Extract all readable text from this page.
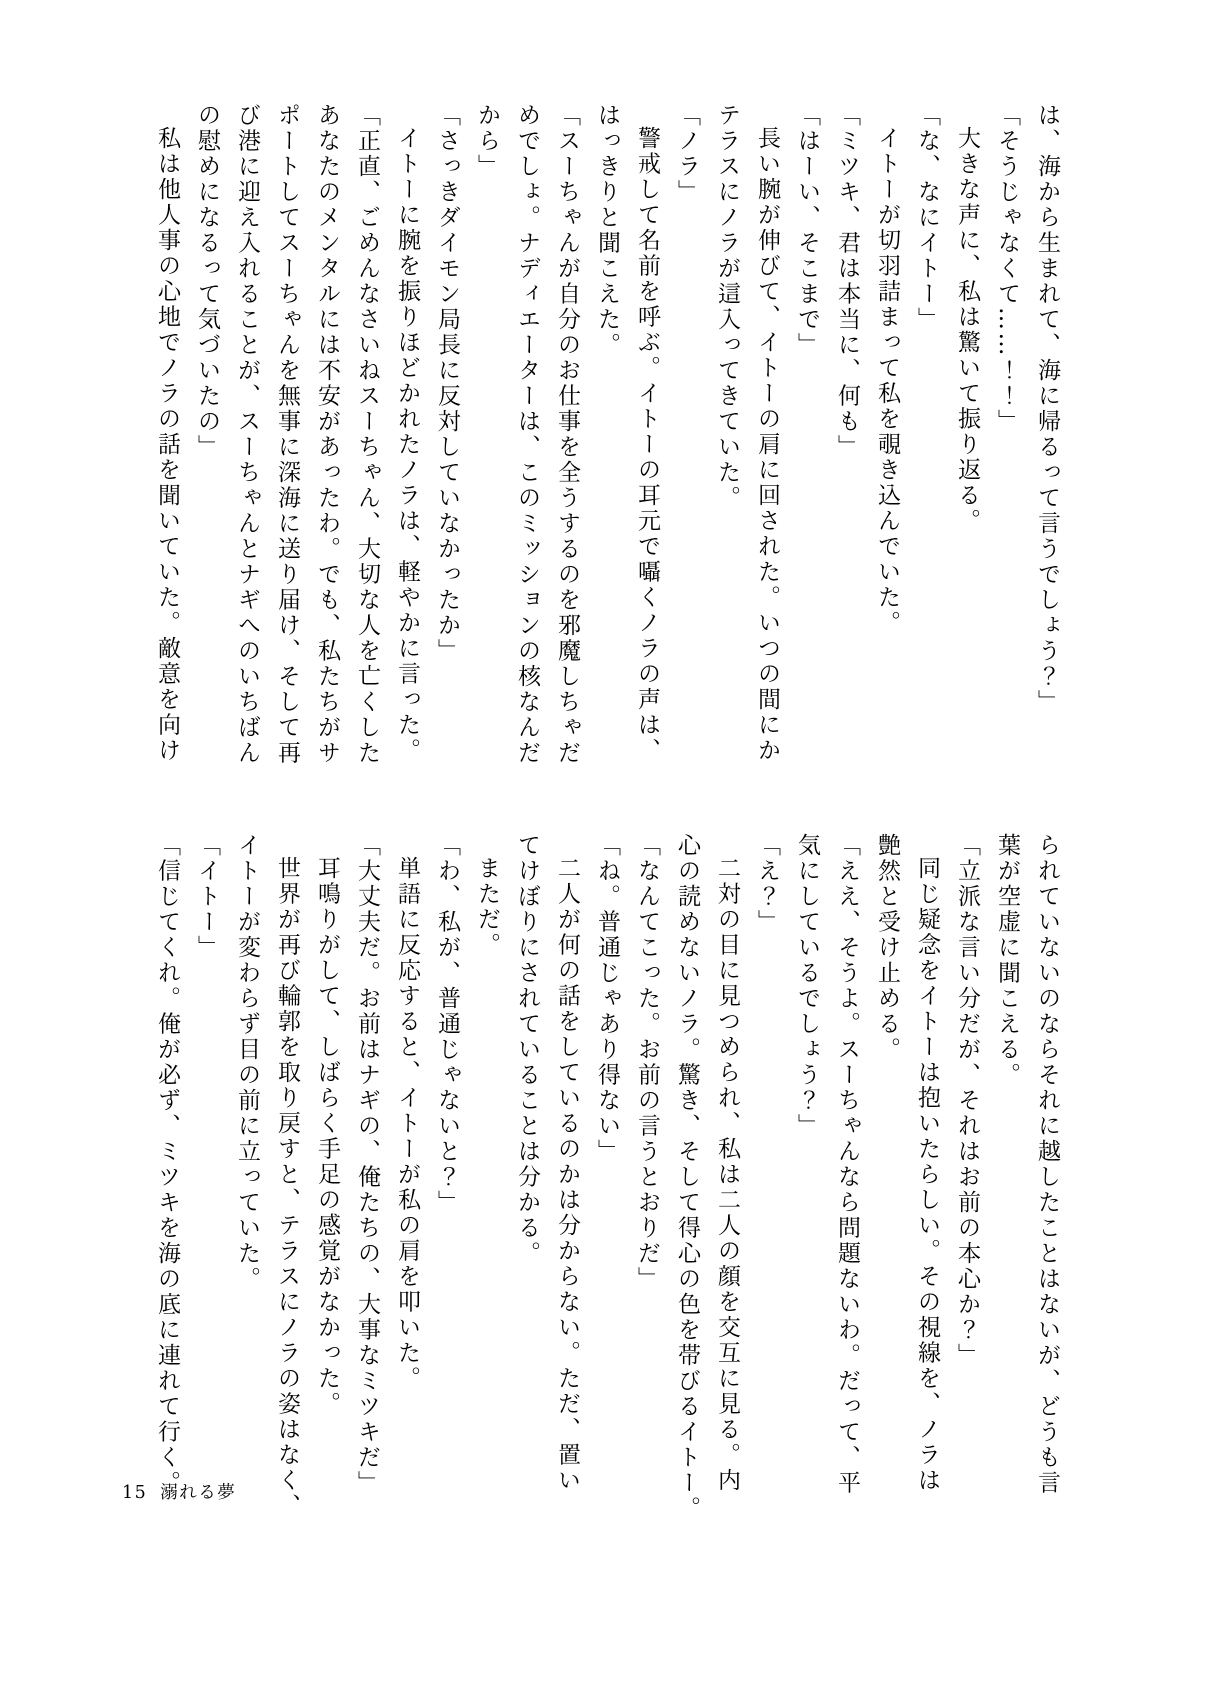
は、海から生まれて、海に帰るって言うでしょう？」
「そうじゃなくて……！！」
大きな声に、私は驚いて振り返る。
「な、なにイトー」
イトーが切羽詰まって私を覗き込んでいた。
「ミツキ、君は本当に、何も」
「はーい、そこまで」
長い腕が伸びて、イトーの肩に回された。いつの間にか
テラスにノラが這入ってきていた。
「ノラ」
警戒して名前を呼ぶ。イトーの耳元で囁くノラの声は、
はっきりと聞こえた。
「スーちゃんが自分のお仕事を全うするのを邪魔しちゃだ
めでしょ。ナディエーターは、このミッションの核なんだ
から」
「さっきダイモン局長に反対していなかったか」
イトーに腕を振りほどかれたノラは、軽やかに言った。
「正直、ごめんなさいねスーちゃん、大切な人を亡くした
あなたのメンタルには不安があったわ。でも、私たちがサ
ポートしてスーちゃんを無事に深海に送り届け、そして再
び港に迎え入れることが、スーちゃんとナギへのいちばん
の慰めになるって気づいたの」
私は他人事の心地でノラの話を聞いていた。敵意を向け
られていないのならそれに越したことはないが、どうも言
葉が空虚に聞こえる。
「立派な言い分だが、それはお前の本心か？」
同じ疑念をイトーは抱いたらしい。その視線を、ノラは
艶然と受け止める。
「ええ、そうよ。スーちゃんなら問題ないわ。だって、平
気にしているでしょう？」
「え？」
二対の目に見つめられ、私は二人の顔を交互に見る。内
心の読めないノラ。驚き、そして得心の色を帯びるイトー。
「なんてこった。お前の言うとおりだ」
「ね。普通じゃあり得ない」
二人が何の話をしているのかは分からない。ただ、置い
てけぼりにされていることは分かる。
まただ。
「わ、私が、普通じゃないと？」
単語に反応すると、イトーが私の肩を叩いた。
「大丈夫だ。お前はナギの、俺たちの、大事なミツキだ」
耳鳴りがして、しばらく手足の感覚がなかった。
世界が再び輪郭を取り戻すと、テラスにノラの姿はなく、
イトーが変わらず目の前に立っていた。
「イトー」
「信じてくれ。俺が必ず、ミツキを海の底に連れて行く。
15 溺れる夢
